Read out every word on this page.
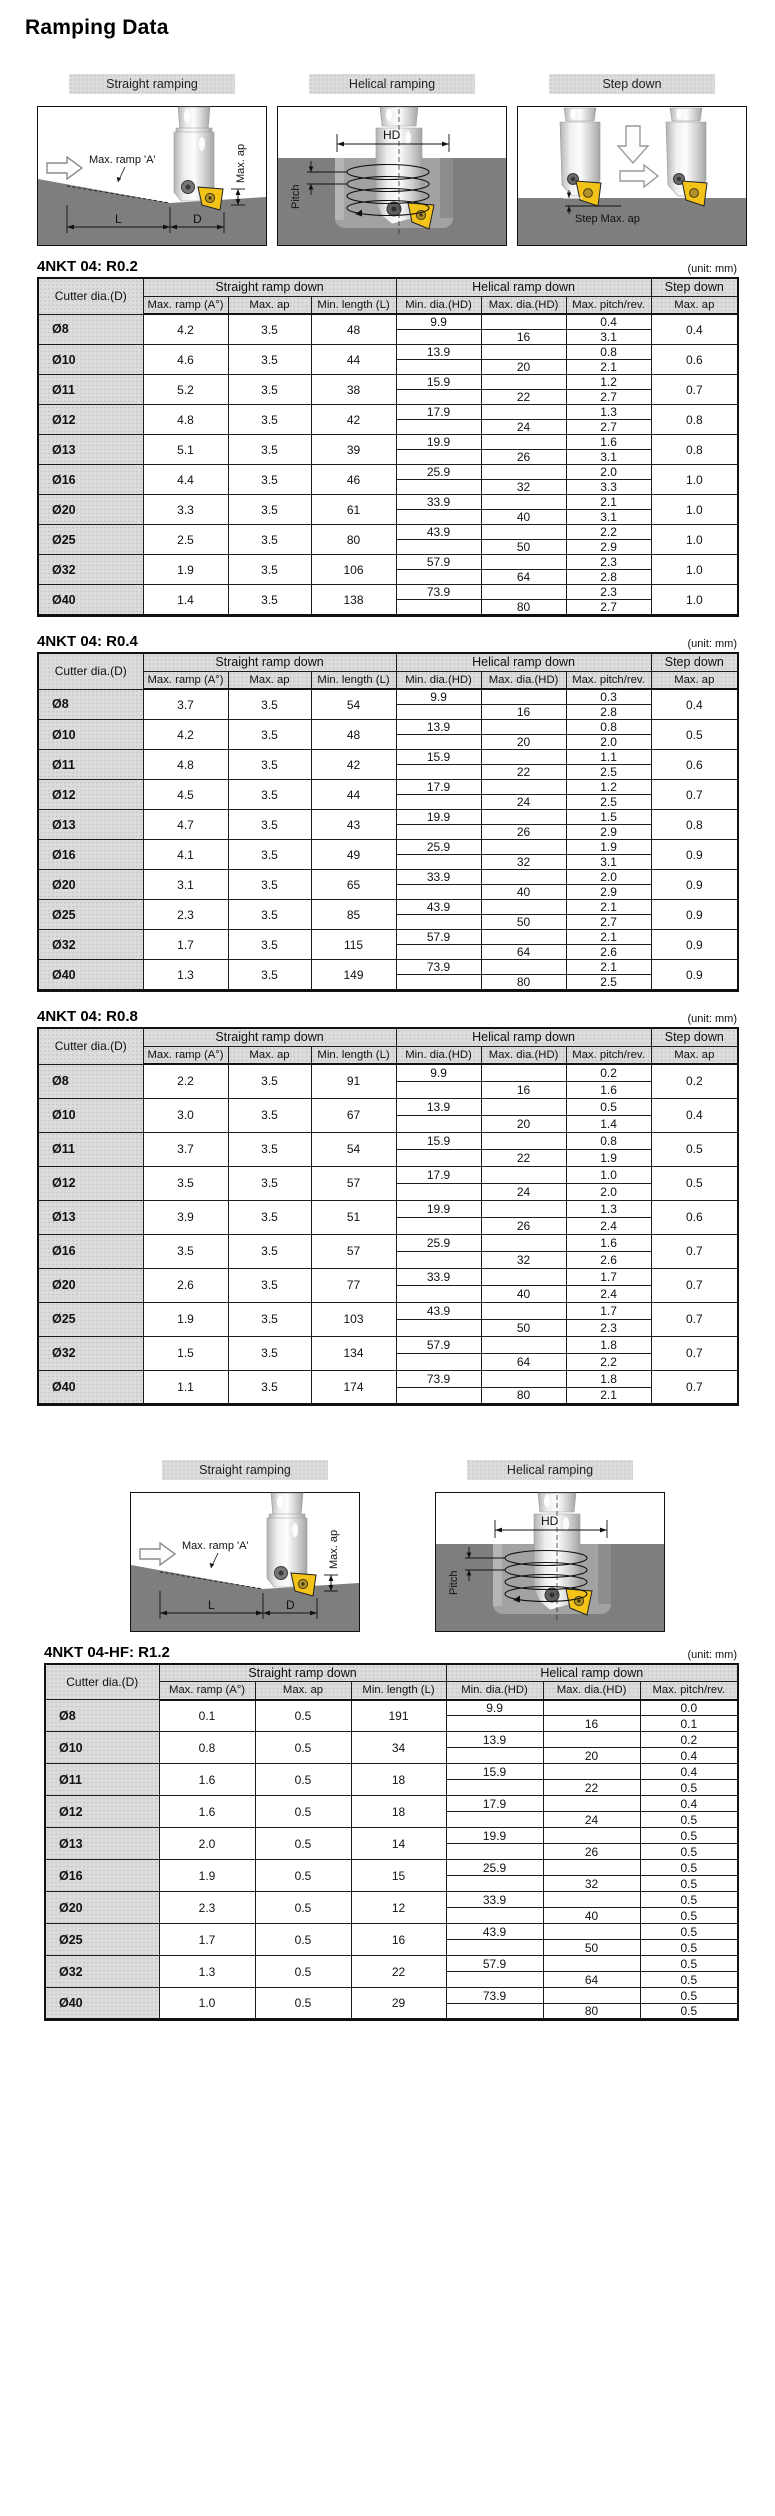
Ramping Data
Straight ramping
Max. ramp 'A'	Max. ap
L	D
Helical ramping
HD
Pitch
Step down
Step Max. ap
4NKT 04: R0.2	(unit: mm)
Cutter dia.(D)	Straight ramp down			Helical ramp down			Step down
	Max. ramp (A°)	Max. ap	Min. length (L)	Min. dia.(HD)	Max. dia.(HD)	Max. pitch/rev.	Max. ap
Ø8	4.2	3.5	48	9.9		0.4	0.4
					16	3.1	
Ø10	4.6	3.5	44	13.9		0.8	0.6
					20	2.1	
Ø11	5.2	3.5	38	15.9		1.2	0.7
					22	2.7	
Ø12	4.8	3.5	42	17.9		1.3	0.8
					24	2.7	
Ø13	5.1	3.5	39	19.9		1.6	0.8
					26	3.1	
Ø16	4.4	3.5	46	25.9		2.0	1.0
					32	3.3	
Ø20	3.3	3.5	61	33.9		2.1	1.0
					40	3.1	
Ø25	2.5	3.5	80	43.9		2.2	1.0
					50	2.9	
Ø32	1.9	3.5	106	57.9		2.3	1.0
					64	2.8	
Ø40	1.4	3.5	138	73.9		2.3	1.0
					80	2.7	
4NKT 04: R0.4	(unit: mm)
Cutter dia.(D)	Straight ramp down			Helical ramp down			Step down
	Max. ramp (A°)	Max. ap	Min. length (L)	Min. dia.(HD)	Max. dia.(HD)	Max. pitch/rev.	Max. ap
Ø8	3.7	3.5	54	9.9		0.3	0.4
					16	2.8	
Ø10	4.2	3.5	48	13.9		0.8	0.5
					20	2.0	
Ø11	4.8	3.5	42	15.9		1.1	0.6
					22	2.5	
Ø12	4.5	3.5	44	17.9		1.2	0.7
					24	2.5	
Ø13	4.7	3.5	43	19.9		1.5	0.8
					26	2.9	
Ø16	4.1	3.5	49	25.9		1.9	0.9
					32	3.1	
Ø20	3.1	3.5	65	33.9		2.0	0.9
					40	2.9	
Ø25	2.3	3.5	85	43.9		2.1	0.9
					50	2.7	
Ø32	1.7	3.5	115	57.9		2.1	0.9
					64	2.6	
Ø40	1.3	3.5	149	73.9		2.1	0.9
					80	2.5	
4NKT 04: R0.8	(unit: mm)
Cutter dia.(D)	Straight ramp down			Helical ramp down			Step down
	Max. ramp (A°)	Max. ap	Min. length (L)	Min. dia.(HD)	Max. dia.(HD)	Max. pitch/rev.	Max. ap
Ø8	2.2	3.5	91	9.9		0.2	0.2
					16	1.6	
Ø10	3.0	3.5	67	13.9		0.5	0.4
					20	1.4	
Ø11	3.7	3.5	54	15.9		0.8	0.5
					22	1.9	
Ø12	3.5	3.5	57	17.9		1.0	0.5
					24	2.0	
Ø13	3.9	3.5	51	19.9		1.3	0.6
					26	2.4	
Ø16	3.5	3.5	57	25.9		1.6	0.7
					32	2.6	
Ø20	2.6	3.5	77	33.9		1.7	0.7
					40	2.4	
Ø25	1.9	3.5	103	43.9		1.7	0.7
					50	2.3	
Ø32	1.5	3.5	134	57.9		1.8	0.7
					64	2.2	
Ø40	1.1	3.5	174	73.9		1.8	0.7
					80	2.1	
Straight ramping
Max. ramp 'A'	Max. ap
L	D
Helical ramping
HD
Pitch
4NKT 04-HF: R1.2	(unit: mm)
Cutter dia.(D)	Straight ramp down			Helical ramp down		
	Max. ramp (A°)	Max. ap	Min. length (L)	Min. dia.(HD)	Max. dia.(HD)	Max. pitch/rev.
Ø8	0.1	0.5	191	9.9		0.0
					16	0.1
Ø10	0.8	0.5	34	13.9		0.2
					20	0.4
Ø11	1.6	0.5	18	15.9		0.4
					22	0.5
Ø12	1.6	0.5	18	17.9		0.4
					24	0.5
Ø13	2.0	0.5	14	19.9		0.5
					26	0.5
Ø16	1.9	0.5	15	25.9		0.5
					32	0.5
Ø20	2.3	0.5	12	33.9		0.5
					40	0.5
Ø25	1.7	0.5	16	43.9		0.5
					50	0.5
Ø32	1.3	0.5	22	57.9		0.5
					64	0.5
Ø40	1.0	0.5	29	73.9		0.5
					80	0.5
